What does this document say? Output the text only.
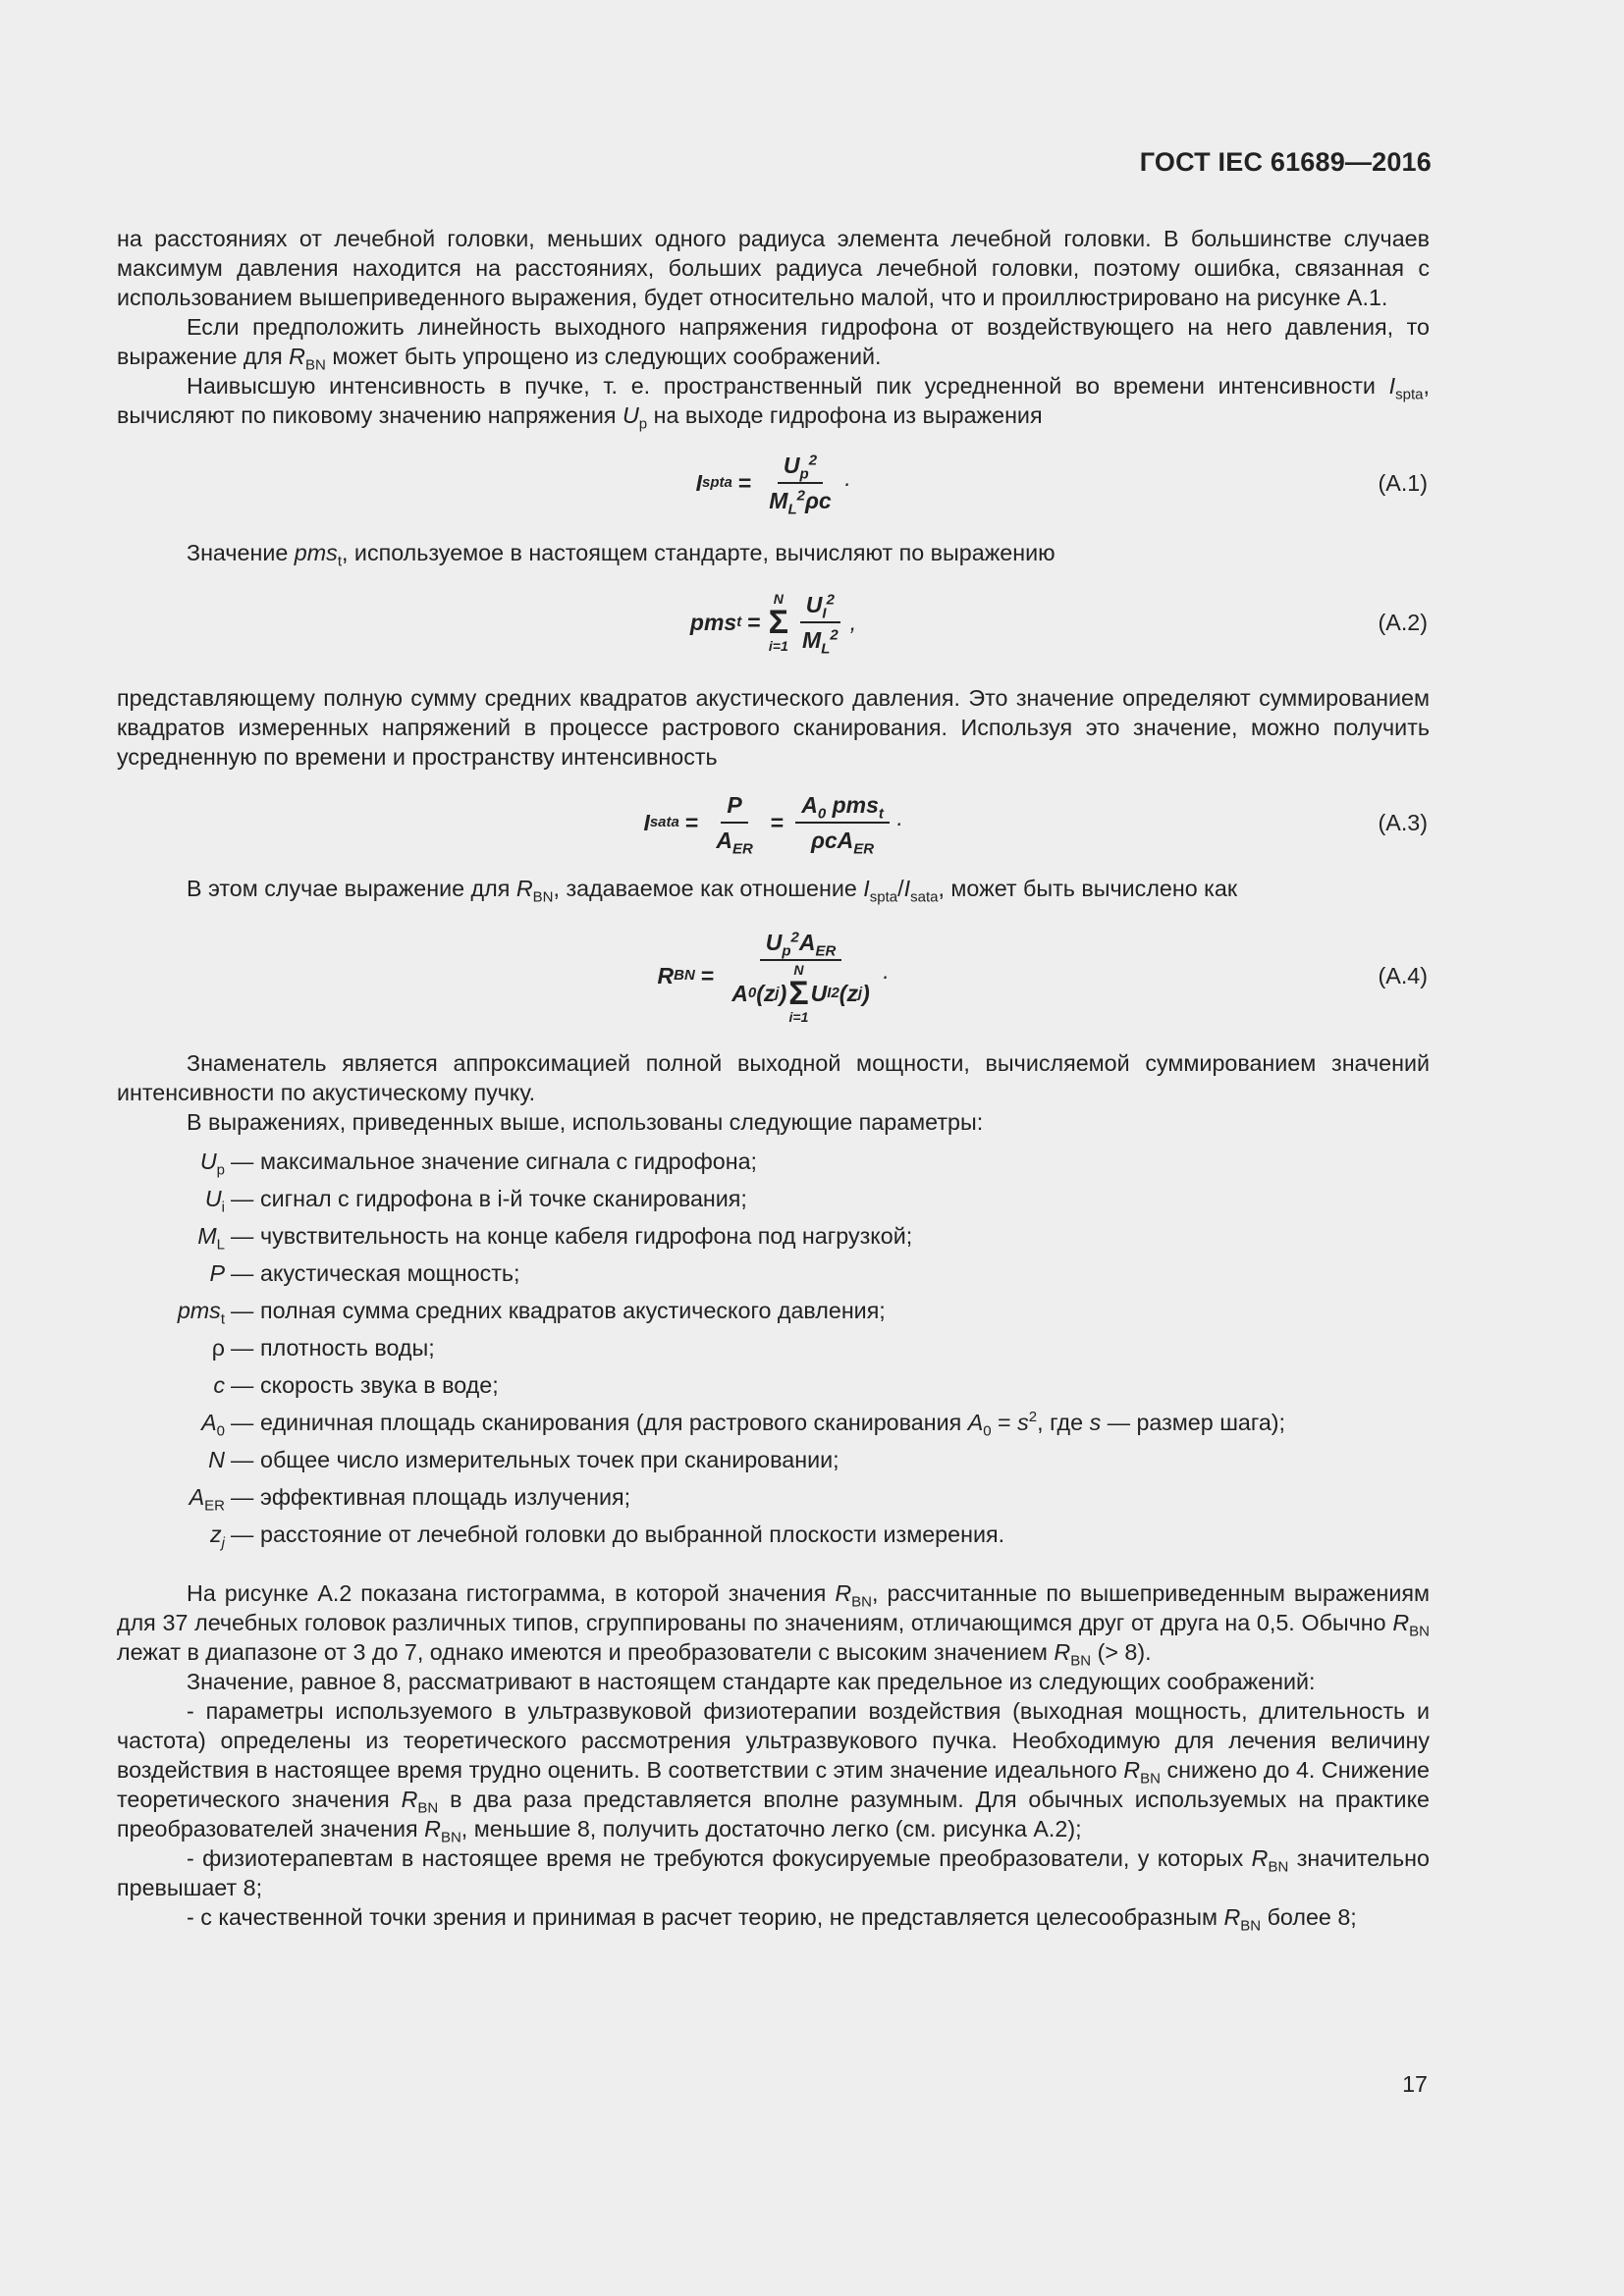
ГОСТ IEC 61689—2016

на расстояниях от лечебной головки, меньших одного радиуса элемента лечебной головки. В большинстве случаев максимум давления находится на расстояниях, больших радиуса лечебной головки, поэтому ошибка, связанная с использованием вышеприведенного выражения, будет относительно малой, что и проиллюстрировано на рисунке А.1.

Если предположить линейность выходного напряжения гидрофона от воздействующего на него давления, то выражение для $R_{BN}$ может быть упрощено из следующих соображений.

Наивысшую интенсивность в пучке, т. е. пространственный пик усредненной во времени интенсивности $I_{spta}$, вычисляют по пиковому значению напряжения $U_p$ на выходе гидрофона из выражения

I spta = $\frac{U_p^2}{M_L^2\rho c}$ ·	(А.1)

Значение pms$_t$, используемое в настоящем стандарте, вычисляют по выражению

pms t =
N
Σ
$i=1 \frac{U_I^2}{M_L^2}$ ,	(А.2)

представляющему полную сумму средних квадратов акустического давления. Это значение определяют суммированием квадратов измеренных напряжений в процессе растрового сканирования. Используя это значение, можно получить усредненную по времени и пространству интенсивность

I sata = $\frac{P}{A_{ER}} = \frac{A_0 pms_t}{\rho cA_{ER}}$ ·	(А.3)

В этом случае выражение для $R_{BN}$, задаваемое как отношение $I_{spta}/I_{sata}$, может быть вычислено как

R BN =
$U_p^2A_{ER}$
A 0 (z j )
N
Σ
i=1
U I 2 (z j )
·	(А.4)

Знаменатель является аппроксимацией полной выходной мощности, вычисляемой суммированием значений интенсивности по акустическому пучку.

В выражениях, приведенных выше, использованы следующие параметры:

$U_p$ — максимальное значение сигнала с гидрофона;
$U_i$ — сигнал с гидрофона в i-й точке сканирования;
$M_L$ — чувствительность на конце кабеля гидрофона под нагрузкой;
P — акустическая мощность;
pms$_t$ — полная сумма средних квадратов акустического давления;
ρ — плотность воды;
c — скорость звука в воде;
$A_0$ — единичная площадь сканирования (для растрового сканирования $A_0 = s^2$, где s — размер шага);
N — общее число измерительных точек при сканировании;
$A_{ER}$ — эффективная площадь излучения;
$z_j$ — расстояние от лечебной головки до выбранной плоскости измерения.

На рисунке А.2 показана гистограмма, в которой значения $R_{BN}$, рассчитанные по вышеприведенным выражениям для 37 лечебных головок различных типов, сгруппированы по значениям, отличающимся друг от друга на 0,5. Обычно $R_{BN}$ лежат в диапазоне от 3 до 7, однако имеются и преобразователи с высоким значением $R_{BN}$ (> 8).

Значение, равное 8, рассматривают в настоящем стандарте как предельное из следующих соображений:

- параметры используемого в ультразвуковой физиотерапии воздействия (выходная мощность, длительность и частота) определены из теоретического рассмотрения ультразвукового пучка. Необходимую для лечения величину воздействия в настоящее время трудно оценить. В соответствии с этим значение идеального $R_{BN}$ снижено до 4. Снижение теоретического значения $R_{BN}$ в два раза представляется вполне разумным. Для обычных используемых на практике преобразователей значения $R_{BN}$, меньшие 8, получить достаточно легко (см. рисунка А.2);

- физиотерапевтам в настоящее время не требуются фокусируемые преобразователи, у которых $R_{BN}$ значительно превышает 8;

- с качественной точки зрения и принимая в расчет теорию, не представляется целесообразным $R_{BN}$ более 8;

17
